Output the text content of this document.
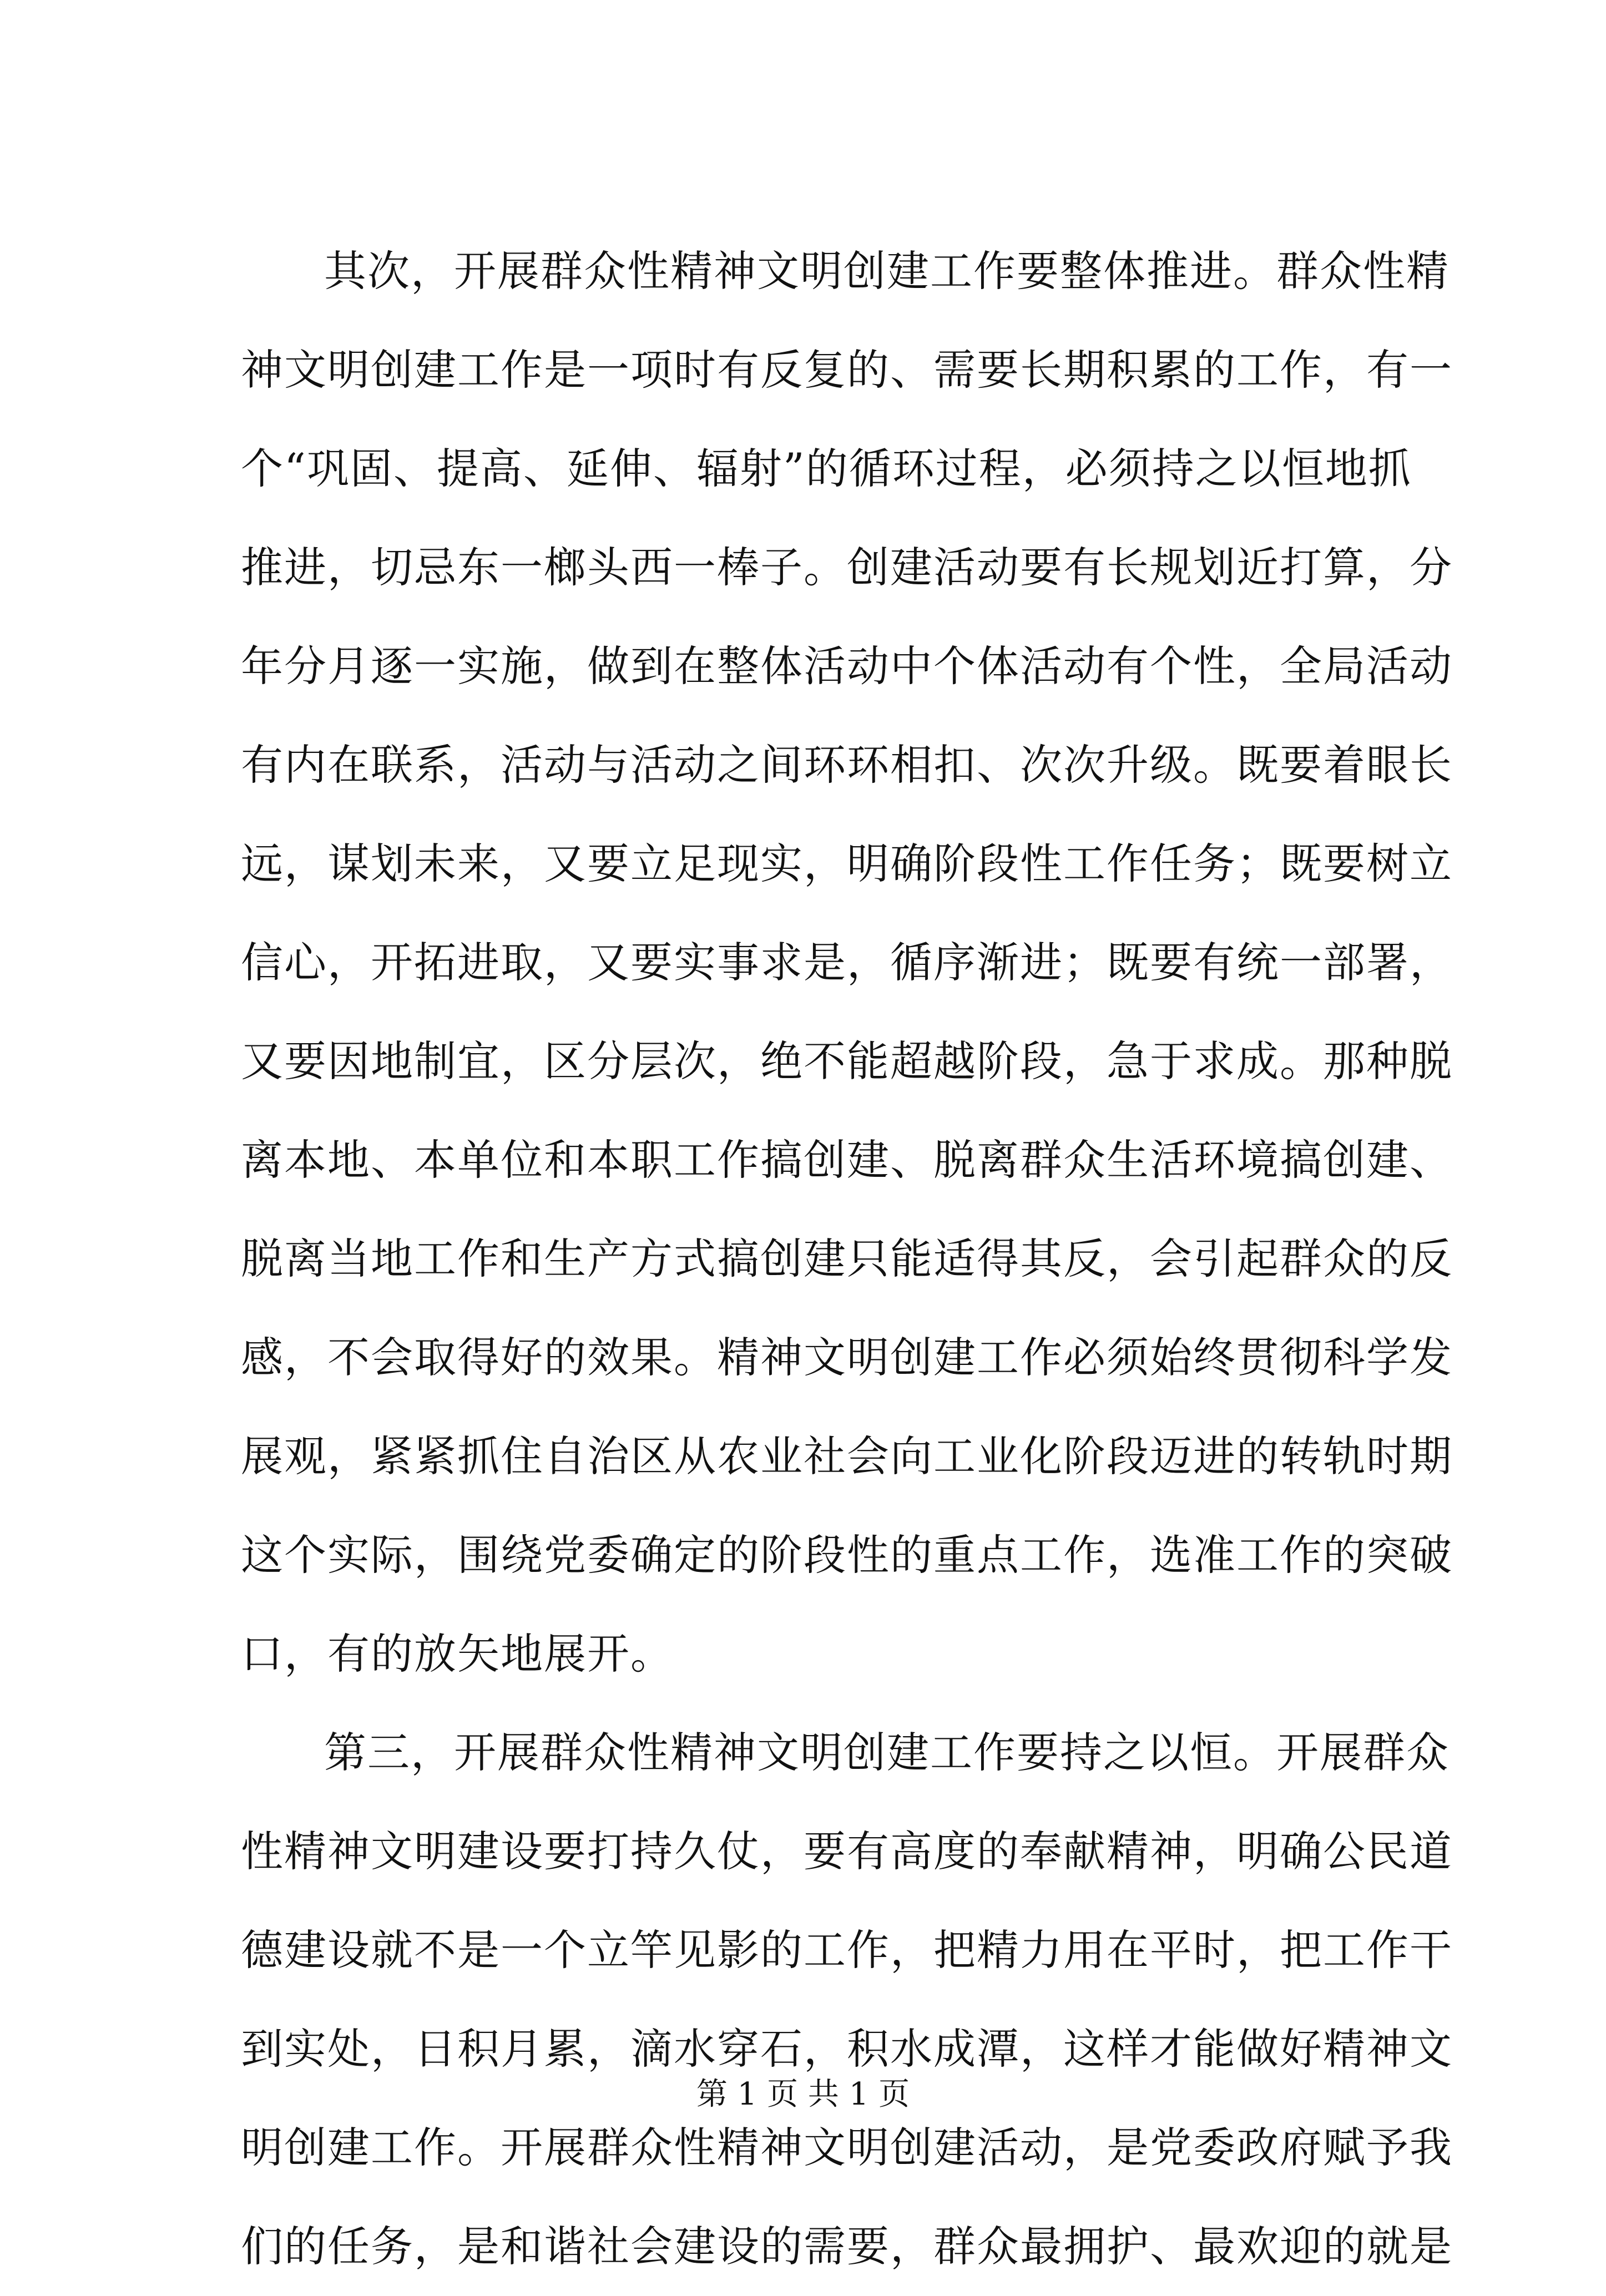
其次，开展群众性精神文明创建工作要整体推进。群众性精
神文明创建工作是一项时有反复的、需要长期积累的工作，有一
个“巩固、提高、延伸、辐射”的循环过程，必须持之以恒地抓
推进，切忌东一榔头西一棒子。创建活动要有长规划近打算，分
年分月逐一实施，做到在整体活动中个体活动有个性，全局活动
有内在联系，活动与活动之间环环相扣、次次升级。既要着眼长
远，谋划未来，又要立足现实，明确阶段性工作任务；既要树立
信心，开拓进取，又要实事求是，循序渐进；既要有统一部署，
又要因地制宜，区分层次，绝不能超越阶段，急于求成。那种脱
离本地、本单位和本职工作搞创建、脱离群众生活环境搞创建、
脱离当地工作和生产方式搞创建只能适得其反，会引起群众的反
感，不会取得好的效果。精神文明创建工作必须始终贯彻科学发
展观，紧紧抓住自治区从农业社会向工业化阶段迈进的转轨时期
这个实际，围绕党委确定的阶段性的重点工作，选准工作的突破
口，有的放矢地展开。
第三，开展群众性精神文明创建工作要持之以恒。开展群众
性精神文明建设要打持久仗，要有高度的奉献精神，明确公民道
德建设就不是一个立竿见影的工作，把精力用在平时，把工作干
到实处，日积月累，滴水穿石，积水成潭，这样才能做好精神文
明创建工作。开展群众性精神文明创建活动，是党委政府赋予我
们的任务，是和谐社会建设的需要，群众最拥护、最欢迎的就是
第 1 页 共 1 页
